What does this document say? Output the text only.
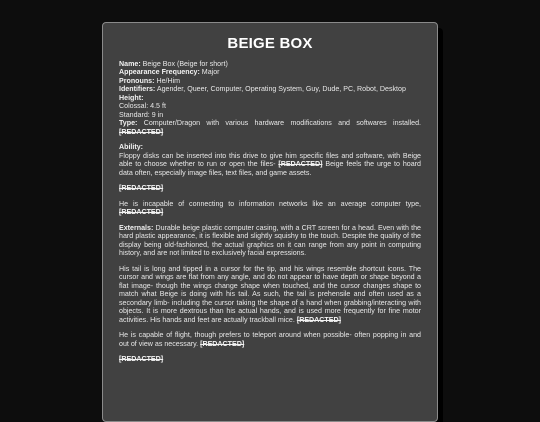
BEIGE BOX
Name: Beige Box (Beige for short)
Appearance Frequency: Major
Pronouns: He/Him
Identifiers: Agender, Queer, Computer, Operating System, Guy, Dude, PC, Robot, Desktop
Height:
Colossal: 4.5 ft
Standard: 9 in
Type: Computer/Dragon with various hardware modifications and softwares installed. [REDACTED]
Ability:
Floppy disks can be inserted into this drive to give him specific files and software, with Beige able to choose whether to run or open the files- [REDACTED] Beige feels the urge to hoard data often, especially image files, text files, and game assets.
[REDACTED]
He is incapable of connecting to information networks like an average computer type, [REDACTED]
Externals: Durable beige plastic computer casing, with a CRT screen for a head. Even with the hard plastic appearance, it is flexible and slightly squishy to the touch. Despite the quality of the display being old-fashioned, the actual graphics on it can range from any point in computing history, and are not limited to exclusively facial expressions.
His tail is long and tipped in a cursor for the tip, and his wings resemble shortcut icons. The cursor and wings are flat from any angle, and do not appear to have depth or shape beyond a flat image- though the wings change shape when touched, and the cursor changes shape to match what Beige is doing with his tail. As such, the tail is prehensile and often used as a secondary limb- including the cursor taking the shape of a hand when grabbing/interacting with objects. It is more dextrous than his actual hands, and is used more frequently for fine motor activities. His hands and feet are actually trackball mice. [REDACTED]
He is capable of flight, though prefers to teleport around when possible- often popping in and out of view as necessary. [REDACTED]
[REDACTED]
